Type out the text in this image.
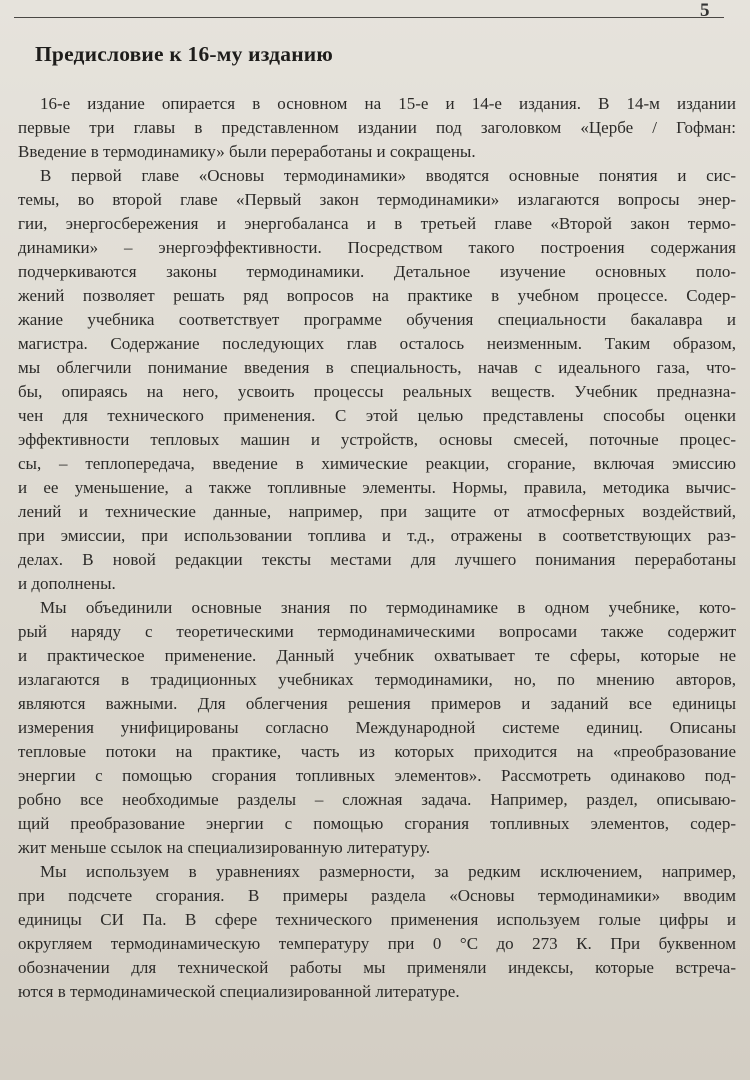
5
Предисловие к 16-му изданию

16-е издание опирается в основном на 15-е и 14-е издания. В 14-м издании
первые три главы в представленном издании под заголовком «Цербе / Гофман:
Введение в термодинамику» были переработаны и сокращены.

В первой главе «Основы термодинамики» вводятся основные понятия и сис-
темы, во второй главе «Первый закон термодинамики» излагаются вопросы энер-
гии, энергосбережения и энергобаланса и в третьей главе «Второй закон термо-
динамики» – энергоэффективности. Посредством такого построения содержания
подчеркиваются законы термодинамики. Детальное изучение основных поло-
жений позволяет решать ряд вопросов на практике в учебном процессе. Содер-
жание учебника соответствует программе обучения специальности бакалавра и
магистра. Содержание последующих глав осталось неизменным. Таким образом,
мы облегчили понимание введения в специальность, начав с идеального газа, что-
бы, опираясь на него, усвоить процессы реальных веществ. Учебник предназна-
чен для технического применения. С этой целью представлены способы оценки
эффективности тепловых машин и устройств, основы смесей, поточные процес-
сы, – теплопередача, введение в химические реакции, сгорание, включая эмиссию
и ее уменьшение, а также топливные элементы. Нормы, правила, методика вычис-
лений и технические данные, например, при защите от атмосферных воздействий,
при эмиссии, при использовании топлива и т.д., отражены в соответствующих раз-
делах. В новой редакции тексты местами для лучшего понимания переработаны
и дополнены.

Мы объединили основные знания по термодинамике в одном учебнике, кото-
рый наряду с теоретическими термодинамическими вопросами также содержит
и практическое применение. Данный учебник охватывает те сферы, которые не
излагаются в традиционных учебниках термодинамики, но, по мнению авторов,
являются важными. Для облегчения решения примеров и заданий все единицы
измерения унифицированы согласно Международной системе единиц. Описаны
тепловые потоки на практике, часть из которых приходится на «преобразование
энергии с помощью сгорания топливных элементов». Рассмотреть одинаково под-
робно все необходимые разделы – сложная задача. Например, раздел, описываю-
щий преобразование энергии с помощью сгорания топливных элементов, содер-
жит меньше ссылок на специализированную литературу.

Мы используем в уравнениях размерности, за редким исключением, например,
при подсчете сгорания. В примеры раздела «Основы термодинамики» вводим
единицы СИ Па. В сфере технического применения используем голые цифры и
округляем термодинамическую температуру при 0 °С до 273 К. При буквенном
обозначении для технической работы мы применяли индексы, которые встреча-
ются в термодинамической специализированной литературе.
